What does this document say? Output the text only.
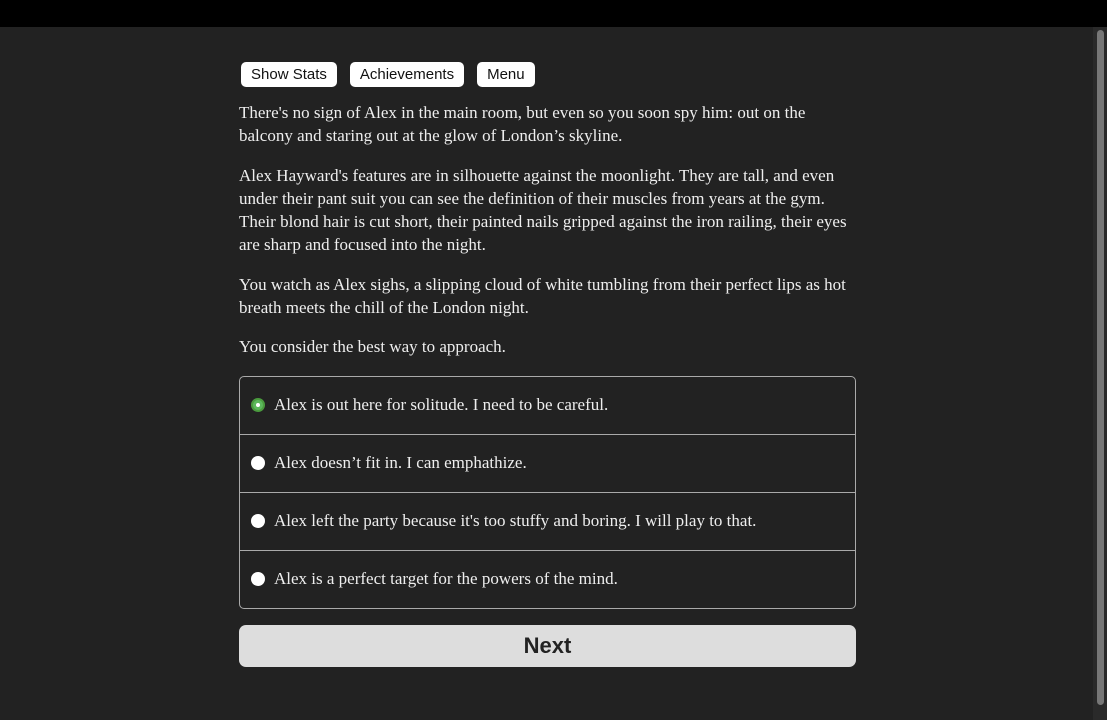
Show Stats	Achievements	Menu

There's no sign of Alex in the main room, but even so you soon spy him: out on the balcony and staring out at the glow of London’s skyline.

Alex Hayward's features are in silhouette against the moonlight. They are tall, and even under their pant suit you can see the definition of their muscles from years at the gym. Their blond hair is cut short, their painted nails gripped against the iron railing, their eyes are sharp and focused into the night.

You watch as Alex sighs, a slipping cloud of white tumbling from their perfect lips as hot breath meets the chill of the London night.

You consider the best way to approach.

Alex is out here for solitude. I need to be careful.
Alex doesn’t fit in. I can emphathize.
Alex left the party because it's too stuffy and boring. I will play to that.
Alex is a perfect target for the powers of the mind.
Next
